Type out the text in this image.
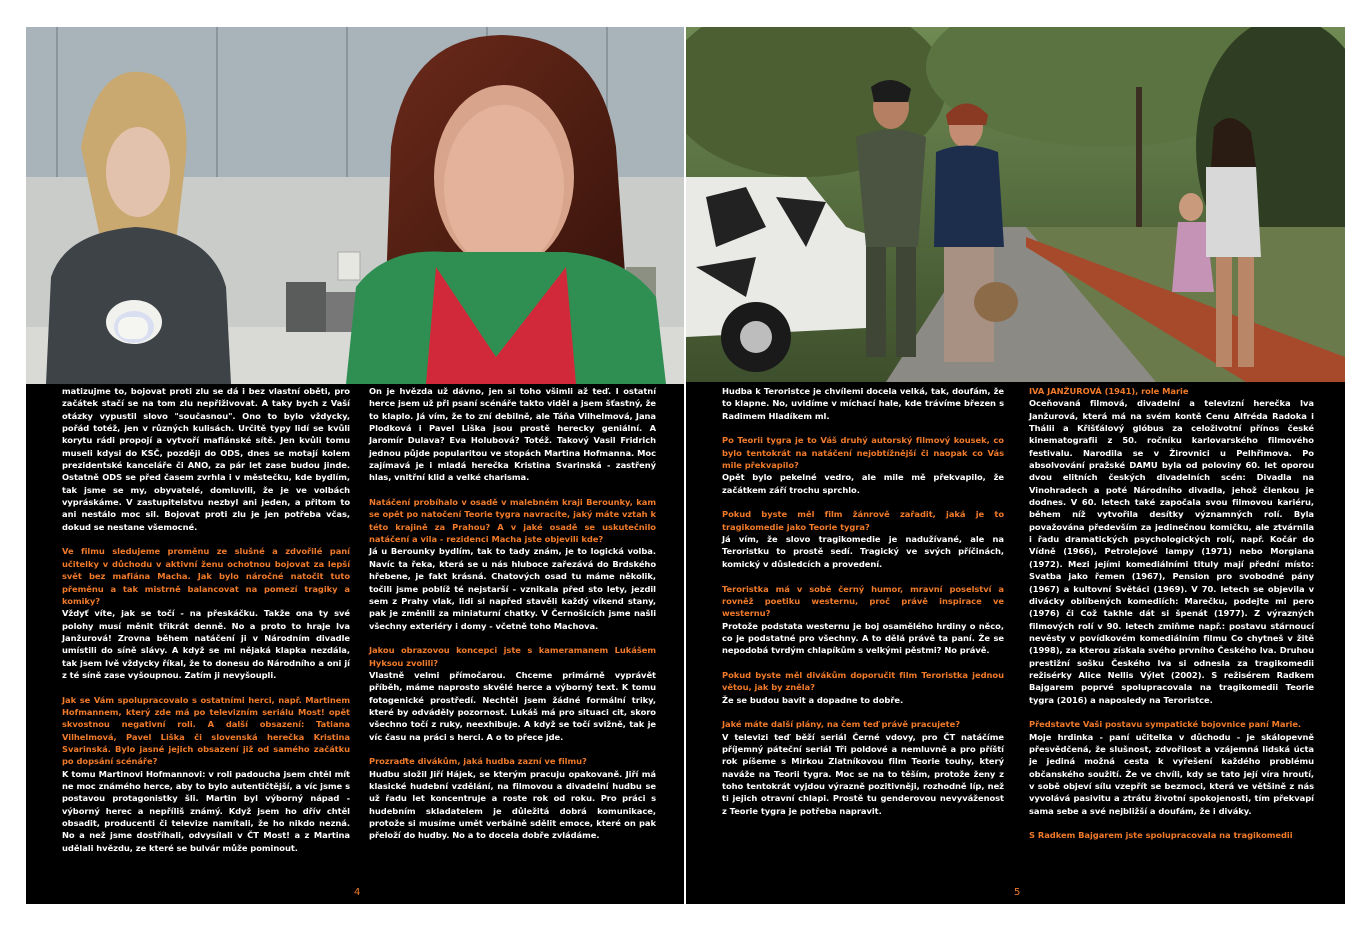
matizujme to, bojovat proti zlu se dá i bez vlastní oběti, pro začátek stačí se na tom zlu nepřiživovat. A taky bych z Vaší otázky vypustil slovo "současnou". Ono to bylo vždycky, pořád totéž, jen v různých kulisách. Určitě typy lidí se kvůli korytu rádi propojí a vytvoří mafiánské sítě. Jen kvůli tomu museli kdysi do KSČ, později do ODS, dnes se motají kolem prezidentské kanceláře či ANO, za pár let zase budou jinde. Ostatně ODS se před časem zvrhla i v městečku, kde bydlím, tak jsme se my, obyvatelé, domluvili, že je ve volbách vypráskáme. V zastupitelstvu nezbyl ani jeden, a přitom to ani nestálo moc sil. Bojovat proti zlu je jen potřeba včas, dokud se nestane všemocné.

Ve filmu sledujeme proměnu ze slušné a zdvořilé paní učitelky v důchodu v aktivní ženu ochotnou bojovat za lepší svět bez mafiána Macha. Jak bylo náročné natočit tuto přeměnu a tak mistrně balancovat na pomezí tragiky a komiky?

Vždyť víte, jak se točí - na přeskáčku. Takže ona ty své polohy musí měnit třikrát denně. No a proto to hraje Iva Janžurová! Zrovna během natáčení ji v Národním divadle umístili do síně slávy. A když se mi nějaká klapka nezdála, tak jsem Ivě vždycky říkal, že to donesu do Národního a oni jí z té síně zase vyšoupnou. Zatím ji nevyšoupli.

Jak se Vám spolupracovalo s ostatními herci, např. Martinem Hofmannem, který zde má po televizním seriálu Most! opět skvostnou negativní roli. A další obsazení: Tatiana Vilhelmová, Pavel Liška či slovenská herečka Kristina Svarinská. Bylo jasné jejich obsazení již od samého začátku po dopsání scénáře?

K tomu Martinovi Hofmannovi: v roli padoucha jsem chtěl mít ne moc známého herce, aby to bylo autentičtější, a víc jsme s postavou protagonistky šli. Martin byl výborný nápad - výborný herec a nepříliš známý. Když jsem ho dřív chtěl obsadit, producenti či televize namítali, že ho nikdo nezná. No a než jsme dostříhali, odvysílali v ČT Most! a z Martina udělali hvězdu, ze které se bulvár může pominout.

On je hvězda už dávno, jen si toho všimli až teď. I ostatní herce jsem už při psaní scénáře takto viděl a jsem šťastný, že to klaplo. Já vím, že to zní debilně, ale Táňa Vilhelmová, Jana Plodková i Pavel Liška jsou prostě herecky geniální. A Jaromír Dulava? Eva Holubová? Totéž. Takový Vasil Fridrich jednou půjde popularitou ve stopách Martina Hofmanna. Moc zajímavá je i mladá herečka Kristina Svarinská - zastřený hlas, vnitřní klid a velké charisma.

Natáčení probíhalo v osadě v malebném kraji Berounky, kam se opět po natočení Teorie tygra navracíte, jaký máte vztah k této krajině za Prahou? A v jaké osadě se uskutečnilo natáčení a vila - rezidenci Macha jste objevili kde?

Já u Berounky bydlím, tak to tady znám, je to logická volba. Navíc ta řeka, která se u nás hluboce zařezává do Brdského hřebene, je fakt krásná. Chatových osad tu máme několik, točili jsme poblíž té nejstarší - vznikala před sto lety, jezdil sem z Prahy vlak, lidi si napřed stavěli každý víkend stany, pak je změnili za miniaturní chatky. V Černošicích jsme našli všechny exteriéry i domy - včetně toho Machova.

Jakou obrazovou koncepci jste s kameramanem Lukášem Hyksou zvolili?

Vlastně velmi přímočarou. Chceme primárně vyprávět příběh, máme naprosto skvělé herce a výborný text. K tomu fotogenické prostředí. Nechtěl jsem žádné formální triky, které by odváděly pozornost. Lukáš má pro situaci cit, skoro všechno točí z ruky, neexhibuje. A když se točí svižně, tak je víc času na práci s herci. A o to přece jde.

Prozraďte divákům, jaká hudba zazní ve filmu?

Hudbu složil Jiří Hájek, se kterým pracuju opakovaně. Jiří má klasické hudební vzdělání, na filmovou a divadelní hudbu se už řadu let koncentruje a roste rok od roku. Pro práci s hudebním skladatelem je důležitá dobrá komunikace, protože si musíme umět verbálně sdělit emoce, které on pak přeloží do hudby. No a to docela dobře zvládáme.

4

Hudba k Teroristce je chvílemi docela velká, tak, doufám, že to klapne. No, uvidíme v míchací hale, kde trávíme březen s Radimem Hladíkem ml.

Po Teorii tygra je to Váš druhý autorský filmový kousek, co bylo tentokrát na natáčení nejobtížnější či naopak co Vás mile překvapilo?

Opět bylo pekelné vedro, ale mile mě překvapilo, že začátkem září trochu sprchlo.

Pokud byste měl film žánrově zařadit, jaká je to tragikomedie jako Teorie tygra?

Já vím, že slovo tragikomedie je nadužívané, ale na Teroristku to prostě sedí. Tragický ve svých příčinách, komický v důsledcích a provedení.

Teroristka má v sobě černý humor, mravní poselství a rovněž poetiku westernu, proč právě inspirace ve westernu?

Protože podstata westernu je boj osamělého hrdiny o něco, co je podstatné pro všechny. A to dělá právě ta paní. Že se nepodobá tvrdým chlapíkům s velkými pěstmi? No právě.

Pokud byste měl divákům doporučit film Teroristka jednou větou, jak by zněla?

Že se budou bavit a dopadne to dobře.

Jaké máte další plány, na čem teď právě pracujete?

V televizi teď běží seriál Černé vdovy, pro ČT natáčíme příjemný páteční seriál Tři poldové a nemluvně a pro příští rok píšeme s Mirkou Zlatníkovou film Teorie touhy, který naváže na Teorii tygra. Moc se na to těším, protože ženy z toho tentokrát vyjdou výrazně pozitivněji, rozhodně líp, než ti jejich otravní chlapi. Prostě tu genderovou nevyváženost z Teorie tygra je potřeba napravit.

IVA JANŽUROVÁ (1941), role Marie

Oceňovaná filmová, divadelní a televizní herečka Iva Janžurová, která má na svém kontě Cenu Alfréda Radoka i Thálii a Křišťálový glóbus za celoživotní přínos české kinematografii z 50. ročníku karlovarského filmového festivalu. Narodila se v Žirovnici u Pelhřimova. Po absolvování pražské DAMU byla od poloviny 60. let oporou dvou elitních českých divadelních scén: Divadla na Vinohradech a poté Národního divadla, jehož členkou je dodnes. V 60. letech také započala svou filmovou kariéru, během níž vytvořila desítky významných rolí. Byla považována především za jedinečnou komičku, ale ztvárnila i řadu dramatických psychologických rolí, např. Kočár do Vídně (1966), Petrolejové lampy (1971) nebo Morgiana (1972). Mezi jejími komediálními tituly mají přední místo: Svatba jako řemen (1967), Pension pro svobodné pány (1967) a kultovní Světáci (1969). V 70. letech se objevila v divácky oblíbených komediích: Marečku, podejte mi pero (1976) či Což takhle dát si špenát (1977). Z výrazných filmových rolí v 90. letech zmiňme např.: postavu stárnoucí nevěsty v povídkovém komediálním filmu Co chytneš v žitě (1998), za kterou získala svého prvního Českého lva. Druhou prestižní sošku Českého lva si odnesla za tragikomedii režisérky Alice Nellis Výlet (2002). S režisérem Radkem Bajgarem poprvé spolupracovala na tragikomedii Teorie tygra (2016) a naposledy na Teroristce.

Představte Vaši postavu sympatické bojovnice paní Marie.

Moje hrdinka - paní učitelka v důchodu - je skálopevně přesvědčená, že slušnost, zdvořilost a vzájemná lidská úcta je jediná možná cesta k vyřešení každého problému občanského soužití. Že ve chvíli, kdy se tato její víra hroutí, v sobě objeví sílu vzepřít se bezmoci, která ve většině z nás vyvolává pasivitu a ztrátu životní spokojenosti, tím překvapí sama sebe a své nejbližší a doufám, že i diváky.

S Radkem Bajgarem jste spolupracovala na tragikomedii

5
